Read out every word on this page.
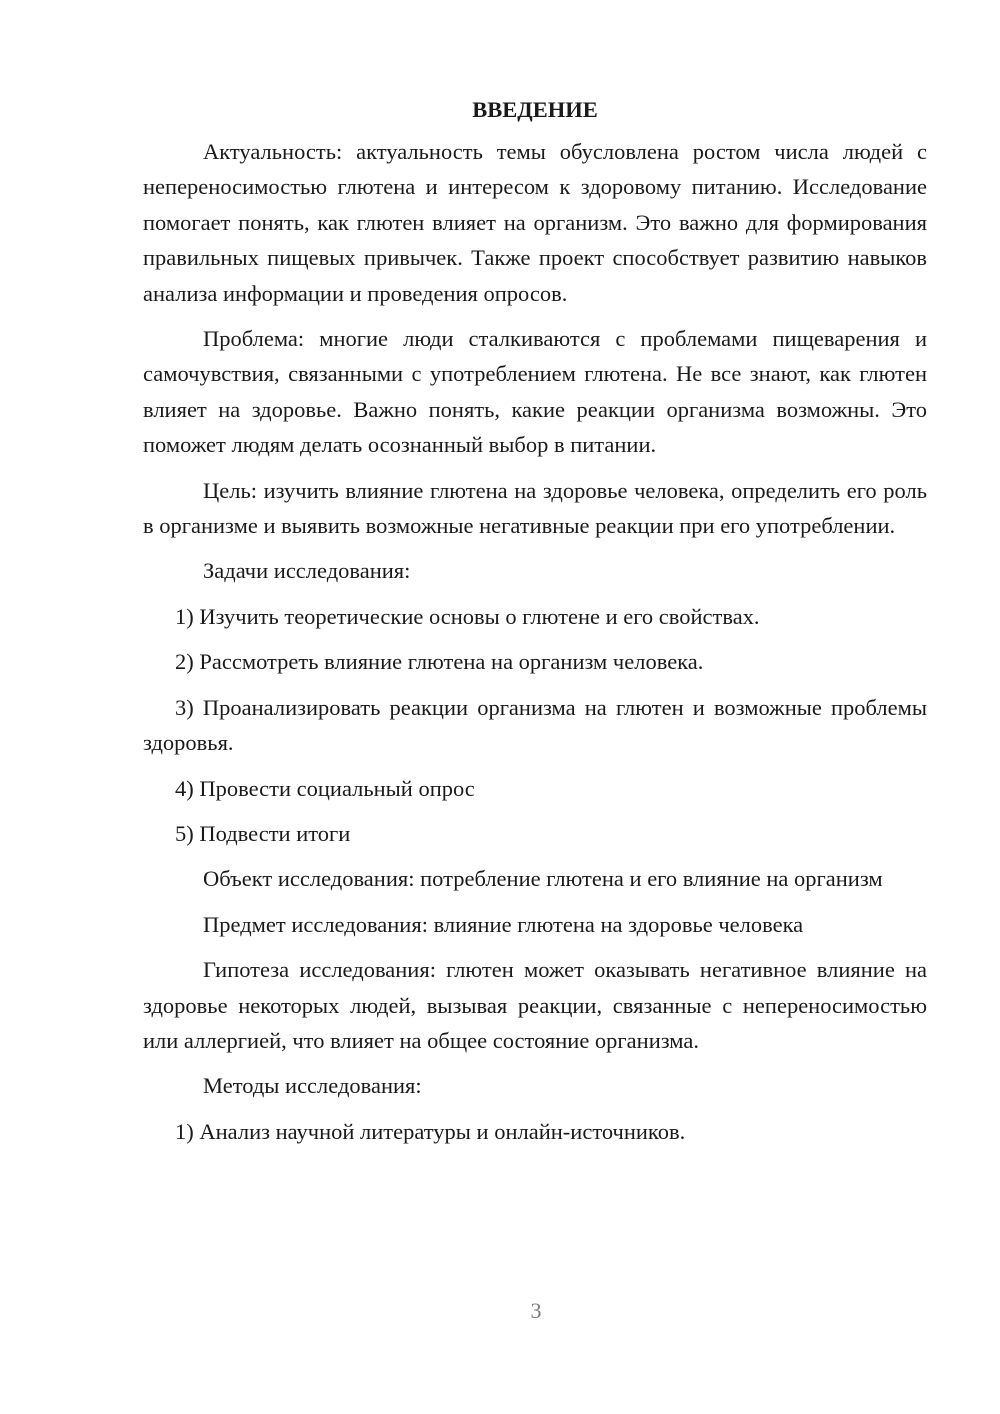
ВВЕДЕНИЕ
Актуальность: актуальность темы обусловлена ростом числа людей с непереносимостью глютена и интересом к здоровому питанию. Исследование помогает понять, как глютен влияет на организм. Это важно для формирования правильных пищевых привычек. Также проект способствует развитию навыков анализа информации и проведения опросов.
Проблема: многие люди сталкиваются с проблемами пищеварения и самочувствия, связанными с употреблением глютена. Не все знают, как глютен влияет на здоровье. Важно понять, какие реакции организма возможны. Это поможет людям делать осознанный выбор в питании.
Цель: изучить влияние глютена на здоровье человека, определить его роль в организме и выявить возможные негативные реакции при его употреблении.
Задачи исследования:
1) Изучить теоретические основы о глютене и его свойствах.
2) Рассмотреть влияние глютена на организм человека.
3) Проанализировать реакции организма на глютен и возможные проблемы здоровья.
4) Провести социальный опрос
5) Подвести итоги
Объект исследования: потребление глютена и его влияние на организм
Предмет исследования: влияние глютена на здоровье человека
Гипотеза исследования: глютен может оказывать негативное влияние на здоровье некоторых людей, вызывая реакции, связанные с непереносимостью или аллергией, что влияет на общее состояние организма.
Методы исследования:
1) Анализ научной литературы и онлайн-источников.
3
